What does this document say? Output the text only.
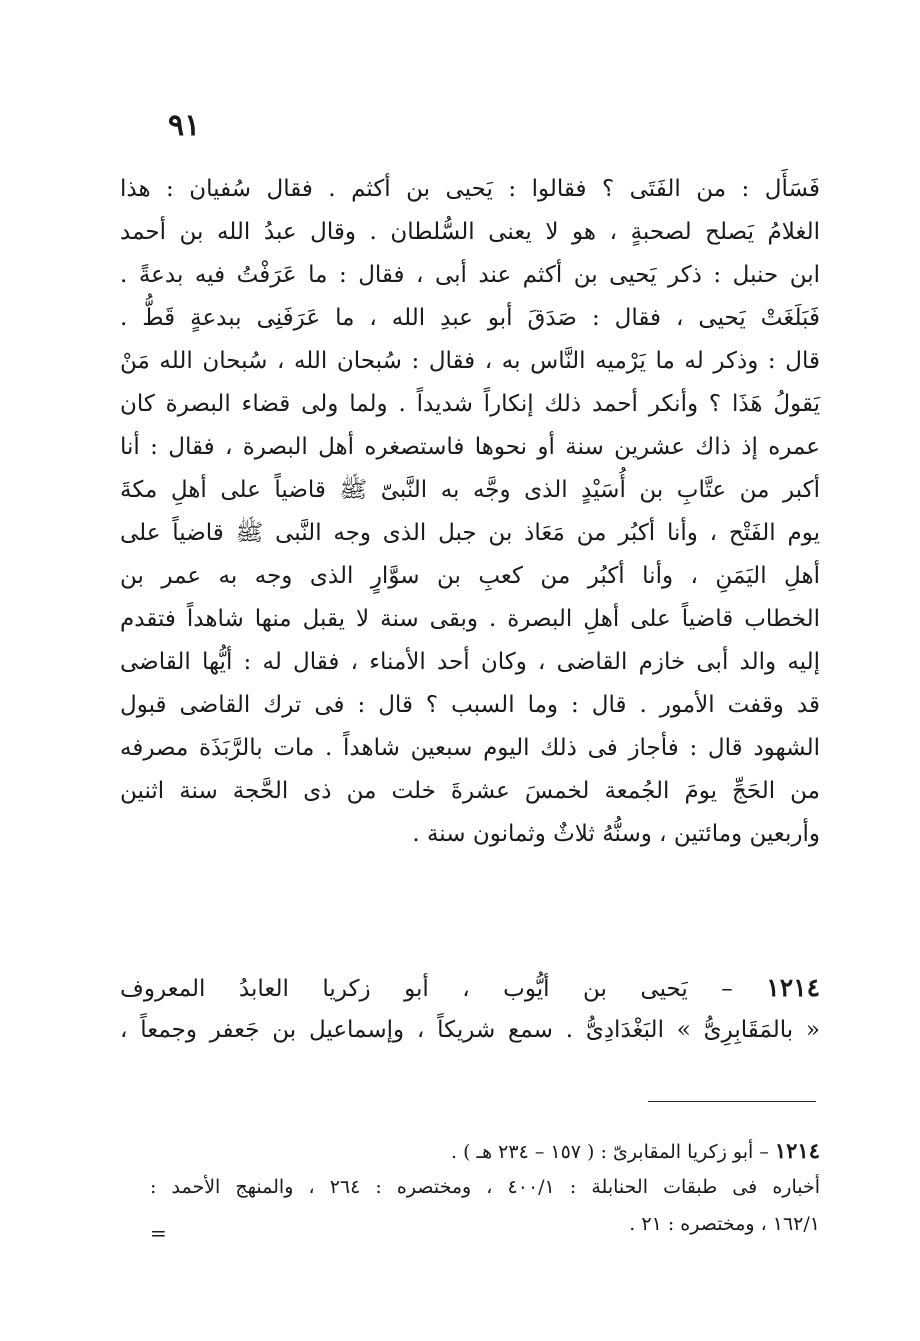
٩١
فَسَأَل : من الفَتَى ؟ فقالوا : يَحيى بن أكثم . فقال سُفيان : هذا
الغلامُ يَصلح لصحبةٍ ، هو لا يعنى السُّلطان . وقال عبدُ الله بن أحمد
ابن حنبل : ذكر يَحيى بن أكثم عند أبى ، فقال : ما عَرَفْتُ فيه بدعةً .
فَبَلَغَتْ يَحيى ، فقال : صَدَقَ أبو عبدِ الله ، ما عَرَفَنِى ببدعةٍ قَطُّ .
قال : وذكر له ما يَرْميه النَّاس به ، فقال : سُبحان الله ، سُبحان الله مَنْ
يَقولُ هَذَا ؟ وأنكر أحمد ذلك إنكاراً شديداً . ولما ولى قضاء البصرة كان
عمره إذ ذاك عشرين سنة أو نحوها فاستصغره أهل البصرة ، فقال : أنا
أكبر من عتَّابِ بن أُسَيْدٍ الذى وجَّه به النَّبىّ ﷺ قاضياً على أهلِ مكةَ
يوم الفَتْح ، وأنا أكبُر من مَعَاذ بن جبل الذى وجه النَّبى ﷺ قاضياً على
أهلِ اليَمَنِ ، وأنا أكبُر من كعبِ بن سوَّارٍ الذى وجه به عمر بن
الخطاب قاضياً على أهلِ البصرة . وبقى سنة لا يقبل منها شاهداً فتقدم
إليه والد أبى خازم القاضى ، وكان أحد الأمناء ، فقال له : أيُّها القاضى
قد وقفت الأمور . قال : وما السبب ؟ قال : فى ترك القاضى قبول
الشهود قال : فأجاز فى ذلك اليوم سبعين شاهداً . مات بالرَّبَذَة مصرفه
من الحَجِّ يومَ الجُمعة لخمسَ عشرةَ خلت من ذى الحَّجة سنة اثنين
وأربعين ومائتين ، وسنُّهُ ثلاثٌ وثمانون سنة .
١٢١٤ – يَحيى بن أيُّوب ، أبو زكريا العابدُ المعروف
« بالمَقَابِرِىُّ » البَغْدَادِىُّ . سمع شريكاً ، وإسماعيل بن جَعفر وجمعاً ،
١٢١٤ – أبو زكريا المقابرىّ : ( ١٥٧ – ٢٣٤ هـ ) .
أخباره فى طبقات الحنابلة : ٤٠٠/١ ، ومختصره : ٢٦٤ ، والمنهج الأحمد :
١٦٢/١ ، ومختصره : ٢١ .
=
